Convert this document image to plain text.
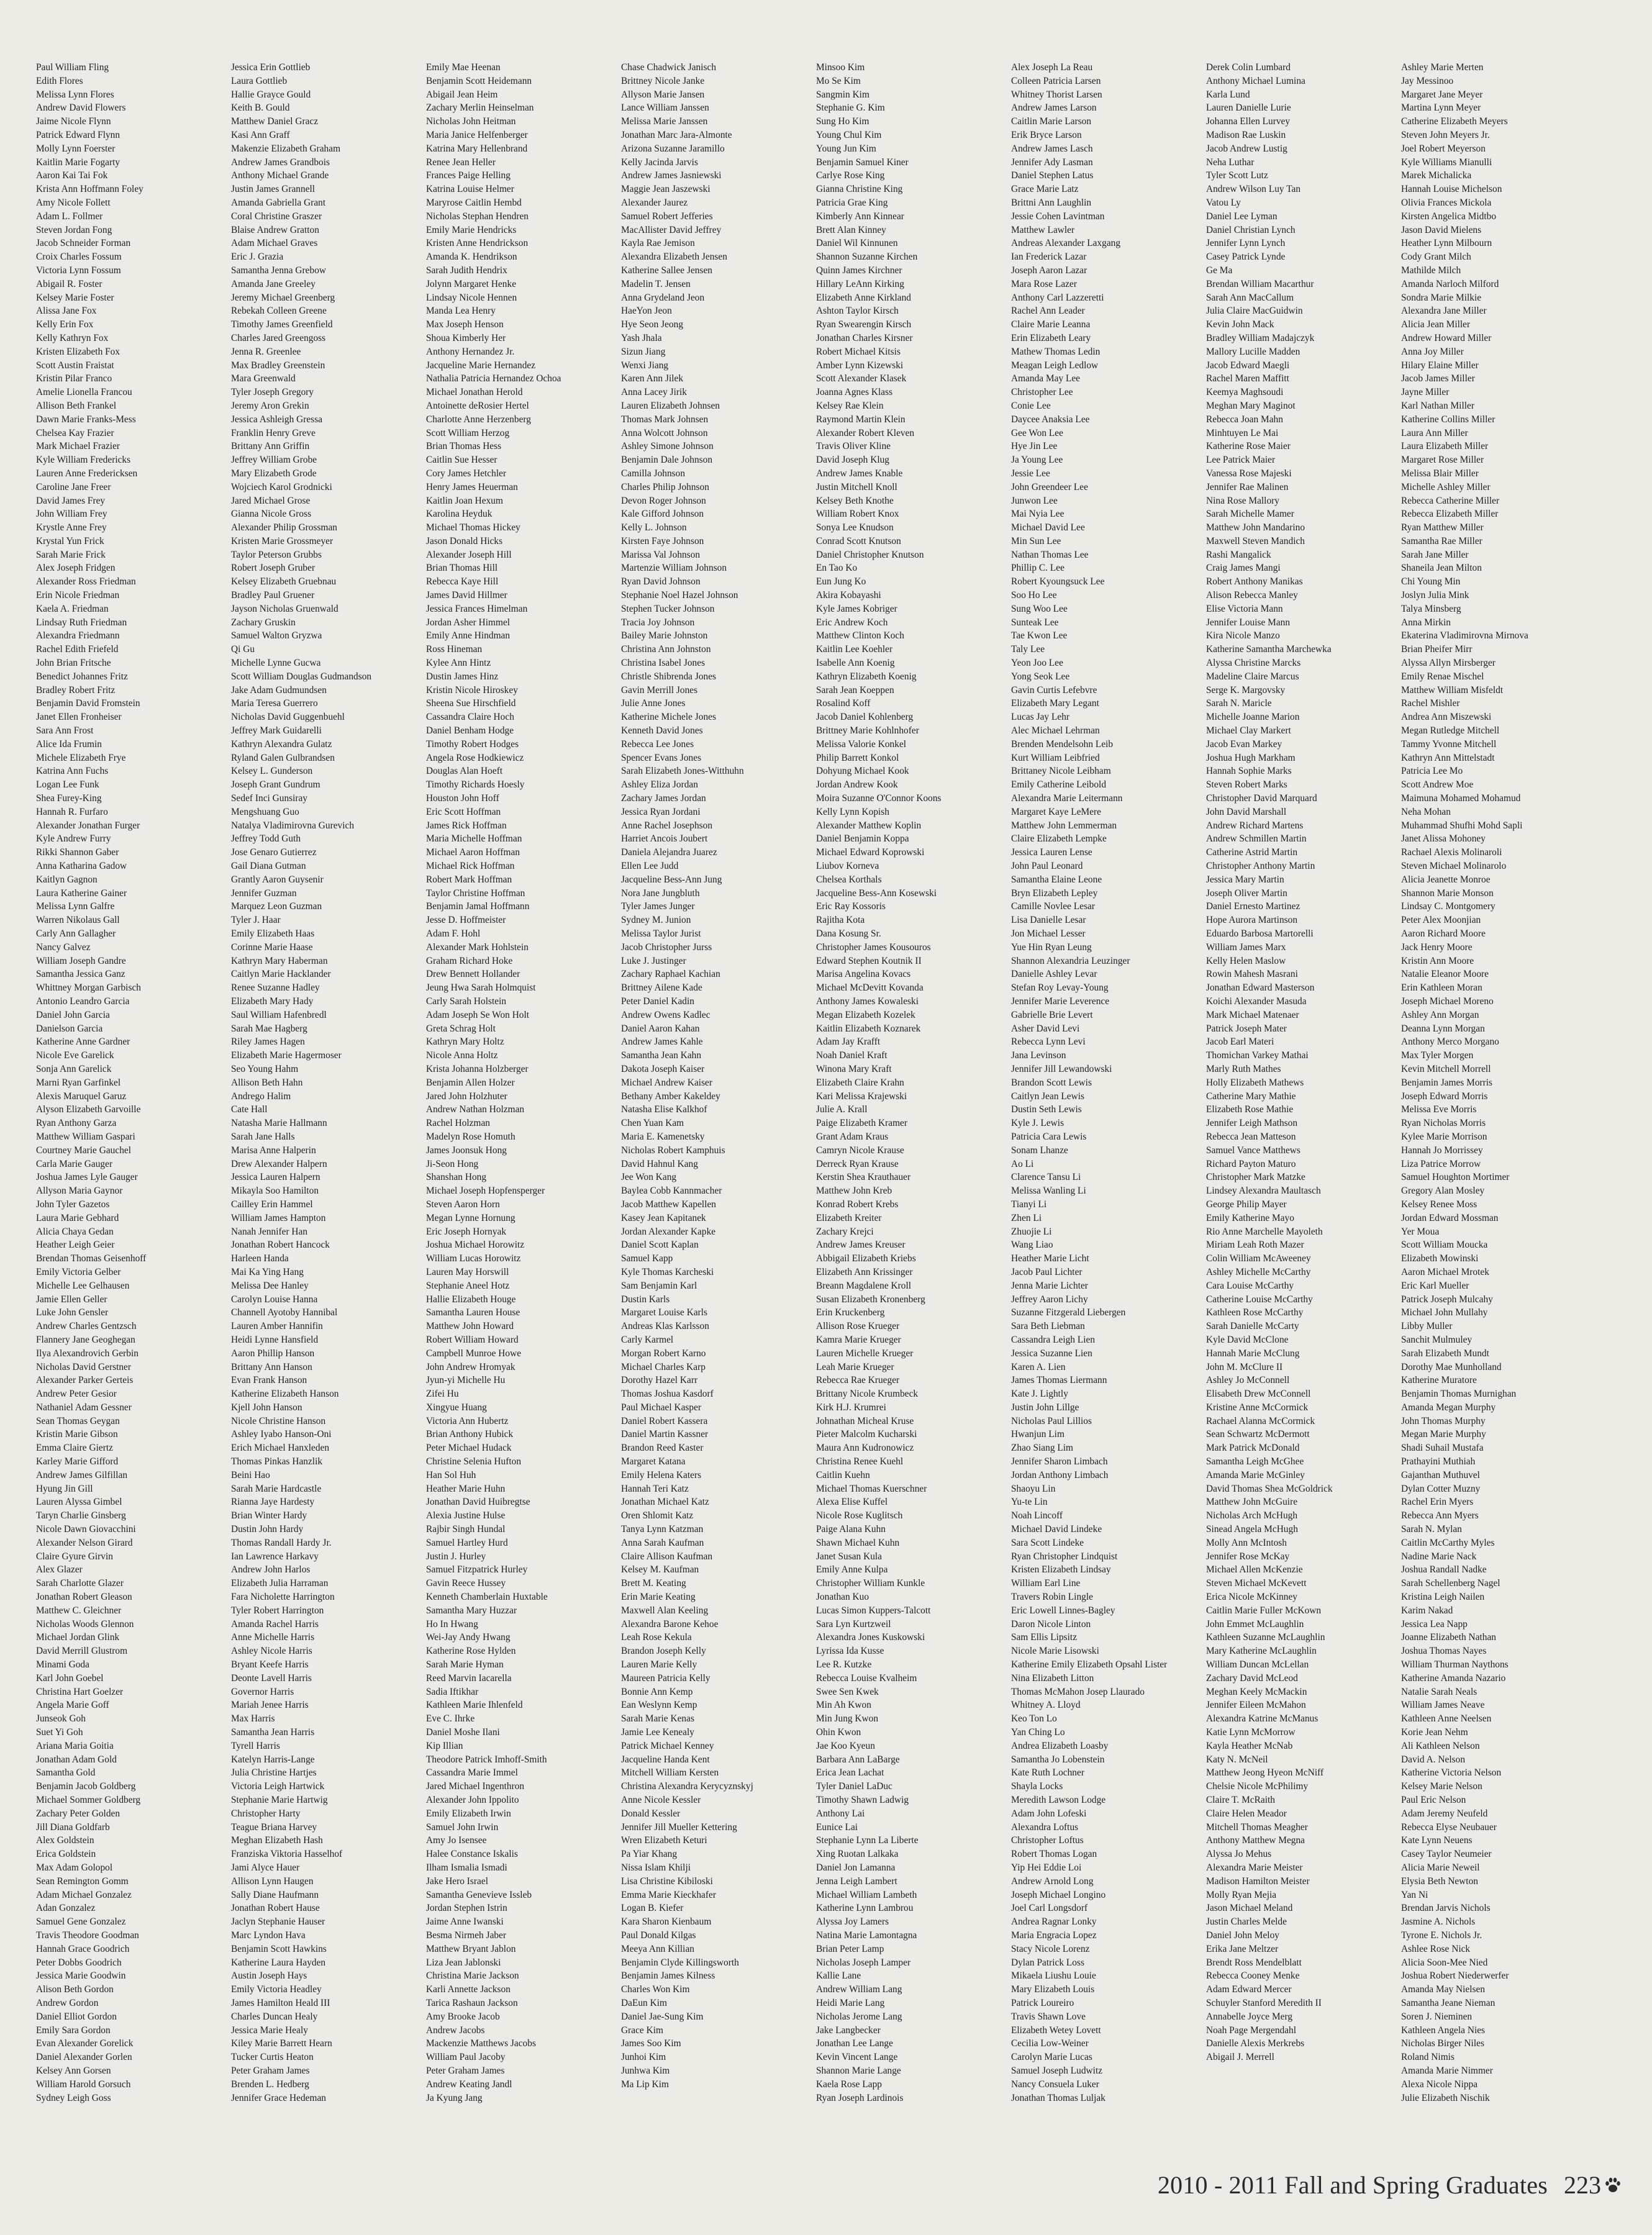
Paul William Fling
Edith Flores
Melissa Lynn Flores
Andrew David Flowers
Jaime Nicole Flynn
Patrick Edward Flynn
Molly Lynn Foerster
Kaitlin Marie Fogarty
Aaron Kai Tai Fok
Krista Ann Hoffmann Foley
Amy Nicole Follett
Adam L. Follmer
Steven Jordan Fong
Jacob Schneider Forman
Croix Charles Fossum
Victoria Lynn Fossum
Abigail R. Foster
Kelsey Marie Foster
Alissa Jane Fox
Kelly Erin Fox
Kelly Kathryn Fox
Kristen Elizabeth Fox
Scott Austin Fraistat
Kristin Pilar Franco
Amelie Lionella Francou
Allison Beth Frankel
Dawn Marie Franks-Mess
Chelsea Kay Frazier
Mark Michael Frazier
Kyle William Fredericks
Lauren Anne Fredericksen
Caroline Jane Freer
David James Frey
John William Frey
Krystle Anne Frey
Krystal Yun Frick
Sarah Marie Frick
Alex Joseph Fridgen
Alexander Ross Friedman
Erin Nicole Friedman
Kaela A. Friedman
Lindsay Ruth Friedman
Alexandra Friedmann
Rachel Edith Friefeld
John Brian Fritsche
Benedict Johannes Fritz
Bradley Robert Fritz
Benjamin David Fromstein
Janet Ellen Fronheiser
Sara Ann Frost
Alice Ida Frumin
Michele Elizabeth Frye
Katrina Ann Fuchs
Logan Lee Funk
Shea Furey-King
Hannah R. Furfaro
Alexander Jonathan Furger
Kyle Andrew Furry
Rikki Shannon Gaber
Anna Katharina Gadow
Kaitlyn Gagnon
Laura Katherine Gainer
Melissa Lynn Galfre
Warren Nikolaus Gall
Carly Ann Gallagher
Nancy Galvez
William Joseph Gandre
Samantha Jessica Ganz
Whittney Morgan Garbisch
Antonio Leandro Garcia
Daniel John Garcia
Danielson Garcia
Katherine Anne Gardner
Nicole Eve Garelick
Sonja Ann Garelick
Marni Ryan Garfinkel
Alexis Maruquel Garuz
Alyson Elizabeth Garvoille
Ryan Anthony Garza
Matthew William Gaspari
Courtney Marie Gauchel
Carla Marie Gauger
Joshua James Lyle Gauger
Allyson Maria Gaynor
John Tyler Gazetos
Laura Marie Gebhard
Alicia Chaya Gedan
Heather Leigh Geier
Brendan Thomas Geisenhoff
Emily Victoria Gelber
Michelle Lee Gelhausen
Jamie Ellen Geller
Luke John Gensler
Andrew Charles Gentzsch
Flannery Jane Geoghegan
Ilya Alexandrovich Gerbin
Nicholas David Gerstner
Alexander Parker Gerteis
Andrew Peter Gesior
Nathaniel Adam Gessner
Sean Thomas Geygan
Kristin Marie Gibson
Emma Claire Giertz
Karley Marie Gifford
Andrew James Gilfillan
Hyung Jin Gill
Lauren Alyssa Gimbel
Taryn Charlie Ginsberg
Nicole Dawn Giovacchini
Alexander Nelson Girard
Claire Gyure Girvin
Alex Glazer
Sarah Charlotte Glazer
Jonathan Robert Gleason
Matthew C. Gleichner
Nicholas Woods Glennon
Michael Jordan Glink
David Merrill Glustrom
Minami Goda
Karl John Goebel
Christina Hart Goelzer
Angela Marie Goff
Junseok Goh
Suet Yi Goh
Ariana Maria Goitia
Jonathan Adam Gold
Samantha Gold
Benjamin Jacob Goldberg
Michael Sommer Goldberg
Zachary Peter Golden
Jill Diana Goldfarb
Alex Goldstein
Erica Goldstein
Max Adam Golopol
Sean Remington Gomm
Adam Michael Gonzalez
Adan Gonzalez
Samuel Gene Gonzalez
Travis Theodore Goodman
Hannah Grace Goodrich
Peter Dobbs Goodrich
Jessica Marie Goodwin
Alison Beth Gordon
Andrew Gordon
Daniel Elliot Gordon
Emily Sara Gordon
Evan Alexander Gorelick
Daniel Alexander Gorlen
Kelsey Ann Gorsen
William Harold Gorsuch
Sydney Leigh Goss
Jessica Erin Gottlieb
Laura Gottlieb
Hallie Grayce Gould
Keith B. Gould
Matthew Daniel Gracz
Kasi Ann Graff
Makenzie Elizabeth Graham
Andrew James Grandbois
Anthony Michael Grande
Justin James Grannell
Amanda Gabriella Grant
Coral Christine Graszer
Blaise Andrew Gratton
Adam Michael Graves
Eric J. Grazia
Samantha Jenna Grebow
Amanda Jane Greeley
Jeremy Michael Greenberg
Rebekah Colleen Greene
Timothy James Greenfield
Charles Jared Greengoss
Jenna R. Greenlee
Max Bradley Greenstein
Mara Greenwald
Tyler Joseph Gregory
Jeremy Aron Grekin
Jessica Ashleigh Gressa
Franklin Henry Greve
Brittany Ann Griffin
Jeffrey William Grobe
Mary Elizabeth Grode
Wojciech Karol Grodnicki
Jared Michael Grose
Gianna Nicole Gross
Alexander Philip Grossman
Kristen Marie Grossmeyer
Taylor Peterson Grubbs
Robert Joseph Gruber
Kelsey Elizabeth Gruebnau
Bradley Paul Gruener
Jayson Nicholas Gruenwald
Zachary Gruskin
Samuel Walton Gryzwa
Qi Gu
Michelle Lynne Gucwa
Scott William Douglas Gudmandson
Jake Adam Gudmundsen
Maria Teresa Guerrero
Nicholas David Guggenbuehl
Jeffrey Mark Guidarelli
Kathryn Alexandra Gulatz
Ryland Galen Gulbrandsen
Kelsey L. Gunderson
Joseph Grant Gundrum
Sedef Inci Gunsiray
Mengshuang Guo
Natalya Vladimirovna Gurevich
Jeffrey Todd Guth
Jose Genaro Gutierrez
Gail Diana Gutman
Grantly Aaron Guysenir
Jennifer Guzman
Marquez Leon Guzman
Tyler J. Haar
Emily Elizabeth Haas
Corinne Marie Haase
Kathryn Mary Haberman
Caitlyn Marie Hacklander
Renee Suzanne Hadley
Elizabeth Mary Hady
Saul William Hafenbredl
Sarah Mae Hagberg
Riley James Hagen
Elizabeth Marie Hagermoser
Seo Young Hahm
Allison Beth Hahn
Andrego Halim
Cate Hall
Natasha Marie Hallmann
Sarah Jane Halls
Marisa Anne Halperin
Drew Alexander Halpern
Jessica Lauren Halpern
Mikayla Soo Hamilton
Cailley Erin Hammel
William James Hampton
Nanah Jennifer Han
Jonathan Robert Hancock
Harleen Handa
Mai Ka Ying Hang
Melissa Dee Hanley
Carolyn Louise Hanna
Channell Ayotoby Hannibal
Lauren Amber Hannifin
Heidi Lynne Hansfield
Aaron Phillip Hanson
Brittany Ann Hanson
Evan Frank Hanson
Katherine Elizabeth Hanson
Kjell John Hanson
Nicole Christine Hanson
Ashley Iyabo Hanson-Oni
Erich Michael Hanxleden
Thomas Pinkas Hanzlik
Beini Hao
Sarah Marie Hardcastle
Rianna Jaye Hardesty
Brian Winter Hardy
Dustin John Hardy
Thomas Randall Hardy Jr.
Ian Lawrence Harkavy
Andrew John Harlos
Elizabeth Julia Harraman
Fara Nicholette Harrington
Tyler Robert Harrington
Amanda Rachel Harris
Anne Michelle Harris
Ashley Nicole Harris
Bryant Keefe Harris
Deonte Lavell Harris
Governor Harris
Mariah Jenee Harris
Max Harris
Samantha Jean Harris
Tyrell Harris
Katelyn Harris-Lange
Julia Christine Hartjes
Victoria Leigh Hartwick
Stephanie Marie Hartwig
Christopher Harty
Teague Briana Harvey
Meghan Elizabeth Hash
Franziska Viktoria Hasselhof
Jami Alyce Hauer
Allison Lynn Haugen
Sally Diane Haufmann
Jonathan Robert Hause
Jaclyn Stephanie Hauser
Marc Lyndon Hava
Benjamin Scott Hawkins
Katherine Laura Hayden
Austin Joseph Hays
Emily Victoria Headley
James Hamilton Heald III
Charles Duncan Healy
Jessica Marie Healy
Kiley Marie Barrett Hearn
Tucker Curtis Heaton
Peter Graham James
Brenden L. Hedberg
Jennifer Grace Hedeman
Emily Mae Heenan
Benjamin Scott Heidemann
Abigail Jean Heim
Zachary Merlin Heinselman
Nicholas John Heitman
Maria Janice Helfenberger
Katrina Mary Hellenbrand
Renee Jean Heller
Frances Paige Helling
Katrina Louise Helmer
Maryrose Caitlin Hembd
Nicholas Stephan Hendren
Emily Marie Hendricks
Kristen Anne Hendrickson
Amanda K. Hendrikson
Sarah Judith Hendrix
Jolynn Margaret Henke
Lindsay Nicole Hennen
Manda Lea Henry
Max Joseph Henson
Shoua Kimberly Her
Anthony Hernandez Jr.
Jacqueline Marie Hernandez
Nathalia Patricia Hernandez Ochoa
Michael Jonathan Herold
Antoinette deRosier Hertel
Charlotte Anne Herzenberg
Scott William Herzog
Brian Thomas Hess
Caitlin Sue Hesser
Cory James Hetchler
Henry James Heuerman
Kaitlin Joan Hexum
Karolina Heyduk
Michael Thomas Hickey
Jason Donald Hicks
Alexander Joseph Hill
Brian Thomas Hill
Rebecca Kaye Hill
James David Hillmer
Jessica Frances Himelman
Jordan Asher Himmel
Emily Anne Hindman
Ross Hineman
Kylee Ann Hintz
Dustin James Hinz
Kristin Nicole Hiroskey
Sheena Sue Hirschfield
Cassandra Claire Hoch
Daniel Benham Hodge
Timothy Robert Hodges
Angela Rose Hodkiewicz
Douglas Alan Hoeft
Timothy Richards Hoesly
Houston John Hoff
Eric Scott Hoffman
James Rick Hoffman
Maria Michelle Hoffman
Michael Aaron Hoffman
Michael Rick Hoffman
Robert Mark Hoffman
Taylor Christine Hoffman
Benjamin Jamal Hoffmann
Jesse D. Hoffmeister
Adam F. Hohl
Alexander Mark Hohlstein
Graham Richard Hoke
Drew Bennett Hollander
Jeung Hwa Sarah Holmquist
Carly Sarah Holstein
Adam Joseph Se Won Holt
Greta Schrag Holt
Kathryn Mary Holtz
Nicole Anna Holtz
Krista Johanna Holzberger
Benjamin Allen Holzer
Jared John Holzhuter
Andrew Nathan Holzman
Rachel Holzman
Madelyn Rose Homuth
James Joonsuk Hong
Ji-Seon Hong
Shanshan Hong
Michael Joseph Hopfensperger
Steven Aaron Horn
Megan Lynne Hornung
Eric Joseph Hornyak
Joshua Michael Horowitz
William Lucas Horowitz
Lauren May Horswill
Stephanie Aneel Hotz
Hallie Elizabeth Houge
Samantha Lauren House
Matthew John Howard
Robert William Howard
Campbell Munroe Howe
John Andrew Hromyak
Jyun-yi Michelle Hu
Zifei Hu
Xingyue Huang
Victoria Ann Hubertz
Brian Anthony Hubick
Peter Michael Hudack
Christine Selenia Hufton
Han Sol Huh
Heather Marie Huhn
Jonathan David Huibregtse
Alexia Justine Hulse
Rajbir Singh Hundal
Samuel Hartley Hurd
Justin J. Hurley
Samuel Fitzpatrick Hurley
Gavin Reece Hussey
Kenneth Chamberlain Huxtable
Samantha Mary Huzzar
Ho In Hwang
Wei-Jay Andy Hwang
Katherine Rose Hylden
Sarah Marie Hyman
Reed Marvin Iacarella
Sadia Iftikhar
Kathleen Marie Ihlenfeld
Eve C. Ihrke
Daniel Moshe Ilani
Kip Illian
Theodore Patrick Imhoff-Smith
Cassandra Marie Immel
Jared Michael Ingenthron
Alexander John Ippolito
Emily Elizabeth Irwin
Samuel John Irwin
Amy Jo Isensee
Halee Constance Iskalis
Ilham Ismalia Ismadi
Jake Hero Israel
Samantha Genevieve Issleb
Jordan Stephen Istrin
Jaime Anne Iwanski
Besma Nirmeh Jaber
Matthew Bryant Jablon
Liza Jean Jablonski
Christina Marie Jackson
Karli Annette Jackson
Tarica Rashaun Jackson
Amy Brooke Jacob
Andrew Jacobs
Mackenzie Matthews Jacobs
William Paul Jacoby
Peter Graham James
Andrew Keating Jandl
Ja Kyung Jang
Chase Chadwick Janisch
Brittney Nicole Janke
Allyson Marie Jansen
Lance William Janssen
Melissa Marie Janssen
Jonathan Marc Jara-Almonte
Arizona Suzanne Jaramillo
Kelly Jacinda Jarvis
Andrew James Jasniewski
Maggie Jean Jaszewski
Alexander Jaurez
Samuel Robert Jefferies
MacAllister David Jeffrey
Kayla Rae Jemison
Alexandra Elizabeth Jensen
Katherine Sallee Jensen
Madelin T. Jensen
Anna Grydeland Jeon
HaeYon Jeon
Hye Seon Jeong
Yash Jhala
Sizun Jiang
Wenxi Jiang
Karen Ann Jilek
Anna Lacey Jirik
Lauren Elizabeth Johnsen
Thomas Mark Johnsen
Anna Wolcott Johnson
Ashley Simone Johnson
Benjamin Dale Johnson
Camilla Johnson
Charles Philip Johnson
Devon Roger Johnson
Kale Gifford Johnson
Kelly L. Johnson
Kirsten Faye Johnson
Marissa Val Johnson
Martenzie William Johnson
Ryan David Johnson
Stephanie Noel Hazel Johnson
Stephen Tucker Johnson
Tracia Joy Johnson
Bailey Marie Johnston
Christina Ann Johnston
Christina Isabel Jones
Christle Shibrenda Jones
Gavin Merrill Jones
Julie Anne Jones
Katherine Michele Jones
Kenneth David Jones
Rebecca Lee Jones
Spencer Evans Jones
Sarah Elizabeth Jones-Witthuhn
Ashley Eliza Jordan
Zachary James Jordan
Jessica Ryan Jordani
Anne Rachel Josephson
Harriet Ancois Joubert
Daniela Alejandra Juarez
Ellen Lee Judd
Jacqueline Bess-Ann Jung
Nora Jane Jungbluth
Tyler James Junger
Sydney M. Junion
Melissa Taylor Jurist
Jacob Christopher Jurss
Luke J. Justinger
Zachary Raphael Kachian
Brittney Ailene Kade
Peter Daniel Kadin
Andrew Owens Kadlec
Daniel Aaron Kahan
Andrew James Kahle
Samantha Jean Kahn
Dakota Joseph Kaiser
Michael Andrew Kaiser
Bethany Amber Kakeldey
Natasha Elise Kalkhof
Chen Yuan Kam
Maria E. Kamenetsky
Nicholas Robert Kamphuis
David Hahnul Kang
Jee Won Kang
Baylea Cobb Kannmacher
Jacob Matthew Kapellen
Kasey Jean Kapitanek
Jordan Alexander Kapke
Daniel Scott Kaplan
Samuel Kapp
Kyle Thomas Karcheski
Sam Benjamin Karl
Dustin Karls
Margaret Louise Karls
Andreas Klas Karlsson
Carly Karmel
Morgan Robert Karno
Michael Charles Karp
Dorothy Hazel Karr
Thomas Joshua Kasdorf
Paul Michael Kasper
Daniel Robert Kassera
Daniel Martin Kassner
Brandon Reed Kaster
Margaret Katana
Emily Helena Katers
Hannah Teri Katz
Jonathan Michael Katz
Oren Shlomit Katz
Tanya Lynn Katzman
Anna Sarah Kaufman
Claire Allison Kaufman
Kelsey M. Kaufman
Brett M. Keating
Erin Marie Keating
Maxwell Alan Keeling
Alexandra Barone Kehoe
Leah Rose Kekula
Brandon Joseph Kelly
Lauren Marie Kelly
Maureen Patricia Kelly
Bonnie Ann Kemp
Ean Weslynn Kemp
Sarah Marie Kenas
Jamie Lee Kenealy
Patrick Michael Kenney
Jacqueline Handa Kent
Mitchell William Kersten
Christina Alexandra Kerycyznskyj
Anne Nicole Kessler
Donald Kessler
Jennifer Jill Mueller Kettering
Wren Elizabeth Keturi
Pa Yiar Khang
Nissa Islam Khilji
Lisa Christine Kibiloski
Emma Marie Kieckhafer
Logan B. Kiefer
Kara Sharon Kienbaum
Paul Donald Kilgas
Meeya Ann Killian
Benjamin Clyde Killingsworth
Benjamin James Kilness
Charles Won Kim
DaEun Kim
Daniel Jae-Sung Kim
Grace Kim
James Soo Kim
Junhoi Kim
Junhwa Kim
Ma Lip Kim
Minsoo Kim
Mo Se Kim
Sangmin Kim
Stephanie G. Kim
Sung Ho Kim
Young Chul Kim
Young Jun Kim
Benjamin Samuel Kiner
Carlye Rose King
Gianna Christine King
Patricia Grae King
Kimberly Ann Kinnear
Brett Alan Kinney
Daniel Wil Kinnunen
Shannon Suzanne Kirchen
Quinn James Kirchner
Hillary LeAnn Kirking
Elizabeth Anne Kirkland
Ashton Taylor Kirsch
Ryan Swearengin Kirsch
Jonathan Charles Kirsner
Robert Michael Kitsis
Amber Lynn Kizewski
Scott Alexander Klasek
Joanna Agnes Klass
Kelsey Rae Klein
Raymond Martin Klein
Alexander Robert Kleven
Travis Oliver Kline
David Joseph Klug
Andrew James Knable
Justin Mitchell Knoll
Kelsey Beth Knothe
William Robert Knox
Sonya Lee Knudson
Conrad Scott Knutson
Daniel Christopher Knutson
En Tao Ko
Eun Jung Ko
Akira Kobayashi
Kyle James Kobriger
Eric Andrew Koch
Matthew Clinton Koch
Kaitlin Lee Koehler
Isabelle Ann Koenig
Kathryn Elizabeth Koenig
Sarah Jean Koeppen
Rosalind Koff
Jacob Daniel Kohlenberg
Brittney Marie Kohlnhofer
Melissa Valorie Konkel
Philip Barrett Konkol
Dohyung Michael Kook
Jordan Andrew Kook
Moira Suzanne O'Connor Koons
Kelly Lynn Kopish
Alexander Matthew Koplin
Daniel Benjamin Koppa
Michael Edward Koprowski
Liubov Korneva
Chelsea Korthals
Jacqueline Bess-Ann Kosewski
Eric Ray Kossoris
Rajitha Kota
Dana Kosung Sr.
Christopher James Kousouros
Edward Stephen Koutnik II
Marisa Angelina Kovacs
Michael McDevitt Kovanda
Anthony James Kowaleski
Megan Elizabeth Kozelek
Kaitlin Elizabeth Koznarek
Adam Jay Krafft
Noah Daniel Kraft
Winona Mary Kraft
Elizabeth Claire Krahn
Kari Melissa Krajewski
Julie A. Krall
Paige Elizabeth Kramer
Grant Adam Kraus
Camryn Nicole Krause
Derreck Ryan Krause
Kerstin Shea Krauthauer
Matthew John Kreb
Konrad Robert Krebs
Elizabeth Kreiter
Zachary Krejci
Andrew James Kreuser
Abbigail Elizabeth Kriebs
Elizabeth Ann Krissinger
Breann Magdalene Kroll
Susan Elizabeth Kronenberg
Erin Kruckenberg
Allison Rose Krueger
Kamra Marie Krueger
Lauren Michelle Krueger
Leah Marie Krueger
Rebecca Rae Krueger
Brittany Nicole Krumbeck
Kirk H.J. Krumrei
Johnathan Micheal Kruse
Pieter Malcolm Kucharski
Maura Ann Kudronowicz
Christina Renee Kuehl
Caitlin Kuehn
Michael Thomas Kuerschner
Alexa Elise Kuffel
Nicole Rose Kuglitsch
Paige Alana Kuhn
Shawn Michael Kuhn
Janet Susan Kula
Emily Anne Kulpa
Christopher William Kunkle
Jonathan Kuo
Lucas Simon Kuppers-Talcott
Sara Lyn Kurtzweil
Alexandra Jones Kuskowski
Lyrissa Ida Kusse
Lee R. Kutzke
Rebecca Louise Kvalheim
Swee Sen Kwek
Min Ah Kwon
Min Jung Kwon
Ohin Kwon
Jae Koo Kyeun
Barbara Ann LaBarge
Erica Jean Lachat
Tyler Daniel LaDuc
Timothy Shawn Ladwig
Anthony Lai
Eunice Lai
Stephanie Lynn La Liberte
Xing Ruotan Lalkaka
Daniel Jon Lamanna
Jenna Leigh Lambert
Michael William Lambeth
Katherine Lynn Lambrou
Alyssa Joy Lamers
Natina Marie Lamontagna
Brian Peter Lamp
Nicholas Joseph Lamper
Kallie Lane
Andrew William Lang
Heidi Marie Lang
Nicholas Jerome Lang
Jake Langbecker
Jonathan Lee Lange
Kevin Vincent Lange
Shannon Marie Lange
Kaela Rose Lapp
Ryan Joseph Lardinois
Alex Joseph La Reau
Colleen Patricia Larsen
Whitney Thorist Larsen
Andrew James Larson
Caitlin Marie Larson
Erik Bryce Larson
Andrew James Lasch
Jennifer Ady Lasman
Daniel Stephen Latus
Grace Marie Latz
Brittni Ann Laughlin
Jessie Cohen Lavintman
Matthew Lawler
Andreas Alexander Laxgang
Ian Frederick Lazar
Joseph Aaron Lazar
Mara Rose Lazer
Anthony Carl Lazzeretti
Rachel Ann Leader
Claire Marie Leanna
Erin Elizabeth Leary
Mathew Thomas Ledin
Meagan Leigh Ledlow
Amanda May Lee
Christopher Lee
Conie Lee
Daycee Anaksia Lee
Gee Won Lee
Hye Jin Lee
Ja Young Lee
Jessie Lee
John Greendeer Lee
Junwon Lee
Mai Nyia Lee
Michael David Lee
Min Sun Lee
Nathan Thomas Lee
Phillip C. Lee
Robert Kyoungsuck Lee
Soo Ho Lee
Sung Woo Lee
Sunteak Lee
Tae Kwon Lee
Taly Lee
Yeon Joo Lee
Yong Seok Lee
Gavin Curtis Lefebvre
Elizabeth Mary Legant
Lucas Jay Lehr
Alec Michael Lehrman
Brenden Mendelsohn Leib
Kurt William Leibfried
Brittaney Nicole Leibham
Emily Catherine Leibold
Alexandra Marie Leitermann
Margaret Kaye LeMere
Matthew John Lemmerman
Claire Elizabeth Lempke
Jessica Lauren Lense
John Paul Leonard
Samantha Elaine Leone
Bryn Elizabeth Lepley
Camille Novlee Lesar
Lisa Danielle Lesar
Jon Michael Lesser
Yue Hin Ryan Leung
Shannon Alexandria Leuzinger
Danielle Ashley Levar
Stefan Roy Levay-Young
Jennifer Marie Leverence
Gabrielle Brie Levert
Asher David Levi
Rebecca Lynn Levi
Jana Levinson
Jennifer Jill Lewandowski
Brandon Scott Lewis
Caitlyn Jean Lewis
Dustin Seth Lewis
Kyle J. Lewis
Patricia Cara Lewis
Sonam Lhanze
Ao Li
Clarence Tansu Li
Melissa Wanling Li
Tianyi Li
Zhen Li
Zhuojie Li
Wang Liao
Heather Marie Licht
Jacob Paul Lichter
Jenna Marie Lichter
Jeffrey Aaron Lichy
Suzanne Fitzgerald Liebergen
Sara Beth Liebman
Cassandra Leigh Lien
Jessica Suzanne Lien
Karen A. Lien
James Thomas Liermann
Kate J. Lightly
Justin John Lillge
Nicholas Paul Lillios
Hwanjun Lim
Zhao Siang Lim
Jennifer Sharon Limbach
Jordan Anthony Limbach
Shaoyu Lin
Yu-te Lin
Noah Lincoff
Michael David Lindeke
Sara Scott Lindeke
Ryan Christopher Lindquist
Kristen Elizabeth Lindsay
William Earl Line
Travers Robin Lingle
Eric Lowell Linnes-Bagley
Daron Nicole Linton
Sam Ellis Lipsitz
Nicole Marie Lisowski
Katherine Emily Elizabeth Opsahl Lister
Nina Elizabeth Litton
Thomas McMahon Josep Llaurado
Whitney A. Lloyd
Keo Ton Lo
Yan Ching Lo
Andrea Elizabeth Loasby
Samantha Jo Lobenstein
Kate Ruth Lochner
Shayla Locks
Meredith Lawson Lodge
Adam John Lofeski
Alexandra Loftus
Christopher Loftus
Robert Thomas Logan
Yip Hei Eddie Loi
Andrew Arnold Long
Joseph Michael Longino
Joel Carl Longsdorf
Andrea Ragnar Lonky
Maria Engracia Lopez
Stacy Nicole Lorenz
Dylan Patrick Loss
Mikaela Liushu Louie
Mary Elizabeth Louis
Patrick Loureiro
Travis Shawn Love
Elizabeth Wetey Lovett
Cecilia Low-Weiner
Carolyn Marie Lucas
Samuel Joseph Ludwitz
Nancy Consuela Luker
Jonathan Thomas Luljak
Derek Colin Lumbard
Anthony Michael Lumina
Karla Lund
Lauren Danielle Lurie
Johanna Ellen Lurvey
Madison Rae Luskin
Jacob Andrew Lustig
Neha Luthar
Tyler Scott Lutz
Andrew Wilson Luy Tan
Vatou Ly
Daniel Lee Lyman
Daniel Christian Lynch
Jennifer Lynn Lynch
Casey Patrick Lynde
Ge Ma
Brendan William Macarthur
Sarah Ann MacCallum
Julia Claire MacGuidwin
Kevin John Mack
Bradley William Madajczyk
Mallory Lucille Madden
Jacob Edward Maegli
Rachel Maren Maffitt
Keemya Maghsoudi
Meghan Mary Maginot
Rebecca Joan Mahn
Minhtuyen Le Mai
Katherine Rose Maier
Lee Patrick Maier
Vanessa Rose Majeski
Jennifer Rae Malinen
Nina Rose Mallory
Sarah Michelle Mamer
Matthew John Mandarino
Maxwell Steven Mandich
Rashi Mangalick
Craig James Mangi
Robert Anthony Manikas
Alison Rebecca Manley
Elise Victoria Mann
Jennifer Louise Mann
Kira Nicole Manzo
Katherine Samantha Marchewka
Alyssa Christine Marcks
Madeline Claire Marcus
Serge K. Margovsky
Sarah N. Maricle
Michelle Joanne Marion
Michael Clay Markert
Jacob Evan Markey
Joshua Hugh Markham
Hannah Sophie Marks
Steven Robert Marks
Christopher David Marquard
John David Marshall
Andrew Richard Martens
Andrew Schmillen Martin
Catherine Astrid Martin
Christopher Anthony Martin
Jessica Mary Martin
Joseph Oliver Martin
Daniel Ernesto Martinez
Hope Aurora Martinson
Eduardo Barbosa Martorelli
William James Marx
Kelly Helen Maslow
Rowin Mahesh Masrani
Jonathan Edward Masterson
Koichi Alexander Masuda
Mark Michael Matenaer
Patrick Joseph Mater
Jacob Earl Materi
Thomichan Varkey Mathai
Marly Ruth Mathes
Holly Elizabeth Mathews
Catherine Mary Mathie
Elizabeth Rose Mathie
Jennifer Leigh Mathson
Rebecca Jean Matteson
Samuel Vance Matthews
Richard Payton Maturo
Christopher Mark Matzke
Lindsey Alexandra Maultasch
George Philip Mayer
Emily Katherine Mayo
Rio Anne Marchelle Mayoleth
Miriam Leah Roth Mazer
Colin William McAweeney
Ashley Michelle McCarthy
Cara Louise McCarthy
Catherine Louise McCarthy
Kathleen Rose McCarthy
Sarah Danielle McCarty
Kyle David McClone
Hannah Marie McClung
John M. McClure II
Ashley Jo McConnell
Elisabeth Drew McConnell
Kristine Anne McCormick
Rachael Alanna McCormick
Sean Schwartz McDermott
Mark Patrick McDonald
Samantha Leigh McGhee
Amanda Marie McGinley
David Thomas Shea McGoldrick
Matthew John McGuire
Nicholas Arch McHugh
Sinead Angela McHugh
Molly Ann McIntosh
Jennifer Rose McKay
Michael Allen McKenzie
Steven Michael McKevett
Erica Nicole McKinney
Caitlin Marie Fuller McKown
John Emmet McLaughlin
Kathleen Suzanne McLaughlin
Mary Katherine McLaughlin
William Duncan McLellan
Zachary David McLeod
Meghan Keely McMackin
Jennifer Eileen McMahon
Alexandra Katrine McManus
Katie Lynn McMorrow
Kayla Heather McNab
Katy N. McNeil
Matthew Jeong Hyeon McNiff
Chelsie Nicole McPhilimy
Claire T. McRaith
Claire Helen Meador
Mitchell Thomas Meagher
Anthony Matthew Megna
Alyssa Jo Mehus
Alexandra Marie Meister
Madison Hamilton Meister
Molly Ryan Mejia
Jason Michael Meland
Justin Charles Melde
Daniel John Meloy
Erika Jane Meltzer
Brendt Ross Mendelblatt
Rebecca Cooney Menke
Adam Edward Mercer
Schuyler Stanford Meredith II
Annabelle Joyce Merg
Noah Page Mergendahl
Danielle Alexis Merkrebs
Abigail J. Merrell
Ashley Marie Merten
Jay Messinoo
Margaret Jane Meyer
Martina Lynn Meyer
Catherine Elizabeth Meyers
Steven John Meyers Jr.
Joel Robert Meyerson
Kyle Williams Mianulli
Marek Michalicka
Hannah Louise Michelson
Olivia Frances Mickola
Kirsten Angelica Midtbo
Jason David Mielens
Heather Lynn Milbourn
Cody Grant Milch
Mathilde Milch
Amanda Narloch Milford
Sondra Marie Milkie
Alexandra Jane Miller
Alicia Jean Miller
Andrew Howard Miller
Anna Joy Miller
Hilary Elaine Miller
Jacob James Miller
Jayne Miller
Karl Nathan Miller
Katherine Collins Miller
Laura Ann Miller
Laura Elizabeth Miller
Margaret Rose Miller
Melissa Blair Miller
Michelle Ashley Miller
Rebecca Catherine Miller
Rebecca Elizabeth Miller
Ryan Matthew Miller
Samantha Rae Miller
Sarah Jane Miller
Shaneila Jean Milton
Chi Young Min
Joslyn Julia Mink
Talya Minsberg
Anna Mirkin
Ekaterina Vladimirovna Mirnova
Brian Pheifer Mirr
Alyssa Allyn Mirsberger
Emily Renae Mischel
Matthew William Misfeldt
Rachel Mishler
Andrea Ann Miszewski
Megan Rutledge Mitchell
Tammy Yvonne Mitchell
Kathryn Ann Mittelstadt
Patricia Lee Mo
Scott Andrew Moe
Maimuna Mohamed Mohamud
Neha Mohan
Muhammad Shufhi Mohd Sapli
Janet Alissa Mohoney
Rachael Alexis Molinaroli
Steven Michael Molinarolo
Alicia Jeanette Monroe
Shannon Marie Monson
Lindsay C. Montgomery
Peter Alex Moonjian
Aaron Richard Moore
Jack Henry Moore
Kristin Ann Moore
Natalie Eleanor Moore
Erin Kathleen Moran
Joseph Michael Moreno
Ashley Ann Morgan
Deanna Lynn Morgan
Anthony Merco Morgano
Max Tyler Morgen
Kevin Mitchell Morrell
Benjamin James Morris
Joseph Edward Morris
Melissa Eve Morris
Ryan Nicholas Morris
Kylee Marie Morrison
Hannah Jo Morrissey
Liza Patrice Morrow
Samuel Houghton Mortimer
Gregory Alan Mosley
Kelsey Renee Moss
Jordan Edward Mossman
Yer Moua
Scott William Moucka
Elizabeth Mowinski
Aaron Michael Mrotek
Eric Karl Mueller
Patrick Joseph Mulcahy
Michael John Mullahy
Libby Muller
Sanchit Mulmuley
Sarah Elizabeth Mundt
Dorothy Mae Munholland
Katherine Muratore
Benjamin Thomas Murnighan
Amanda Megan Murphy
John Thomas Murphy
Megan Marie Murphy
Shadi Suhail Mustafa
Prathayini Muthiah
Gajanthan Muthuvel
Dylan Cotter Muzny
Rachel Erin Myers
Rebecca Ann Myers
Sarah N. Mylan
Caitlin McCarthy Myles
Nadine Marie Nack
Joshua Randall Nadke
Sarah Schellenberg Nagel
Kristina Leigh Nailen
Karim Nakad
Jessica Lea Napp
Joanne Elizabeth Nathan
Joshua Thomas Nayes
William Thurman Naythons
Katherine Amanda Nazario
Natalie Sarah Neals
William James Neave
Kathleen Anne Neelsen
Korie Jean Nehm
Ali Kathleen Nelson
David A. Nelson
Katherine Victoria Nelson
Kelsey Marie Nelson
Paul Eric Nelson
Adam Jeremy Neufeld
Rebecca Elyse Neubauer
Kate Lynn Neuens
Casey Taylor Neumeier
Alicia Marie Neweil
Elysia Beth Newton
Yan Ni
Brendan Jarvis Nichols
Jasmine A. Nichols
Tyrone E. Nichols Jr.
Ashlee Rose Nick
Alicia Soon-Mee Nied
Joshua Robert Niederwerfer
Amanda May Nielsen
Samantha Jeane Nieman
Soren J. Nieminen
Kathleen Angela Nies
Nicholas Birger Niles
Roland Nimis
Amanda Marie Nimmer
Alexa Nicole Nippa
Julie Elizabeth Nischik
2010 - 2011 Fall and Spring Graduates 223
